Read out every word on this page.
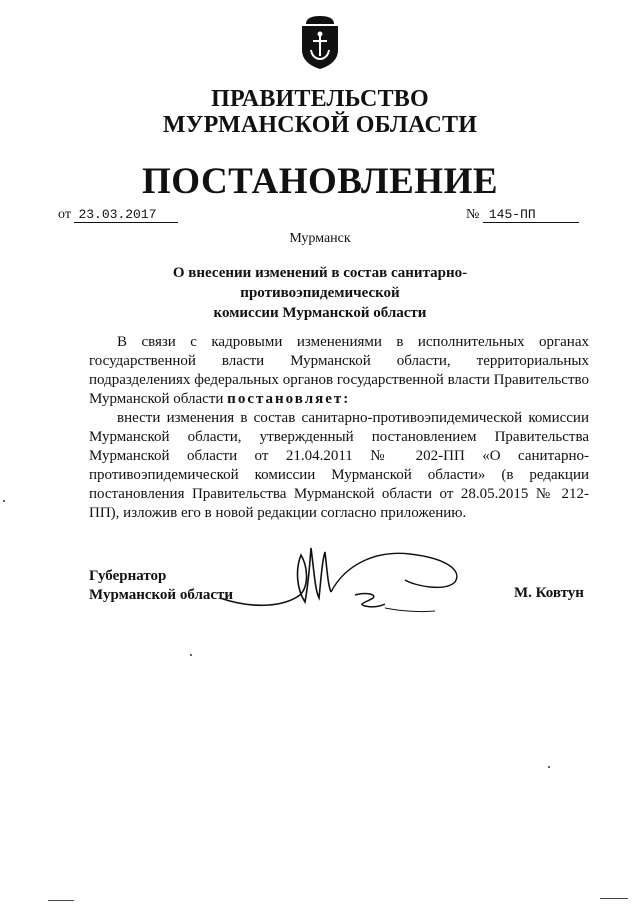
ПРАВИТЕЛЬСТВО
МУРМАНСКОЙ ОБЛАСТИ
ПОСТАНОВЛЕНИЕ
от 23.03.2017	№ 145-ПП
Мурманск
О внесении изменений в состав санитарно-противоэпидемической
комиссии Мурманской области

В связи с кадровыми изменениями в исполнительных органах государственной власти Мурманской области, территориальных подразделениях федеральных органов государственной власти Правительство Мурманской области постановляет:

внести изменения в состав санитарно-противоэпидемической комиссии Мурманской области, утвержденный постановлением Правительства Мурманской области от 21.04.2011 № 202-ПП «О санитарно-противоэпидемической комиссии Мурманской области» (в редакции постановления Правительства Мурманской области от 28.05.2015 № 212-ПП), изложив его в новой редакции согласно приложению.

Губернатор
Мурманской области	М. Ковтун
